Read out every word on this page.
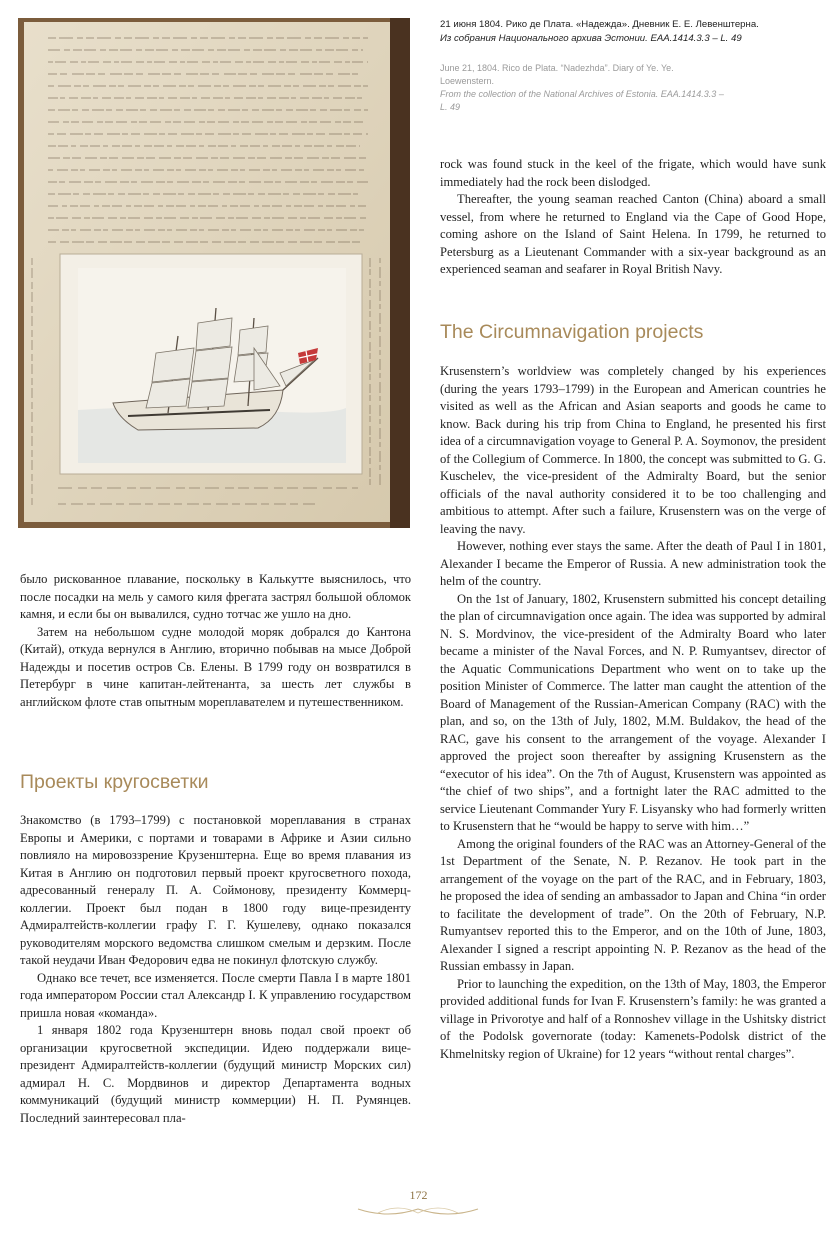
21 июня 1804. Рико де Плата. «Надежда». Дневник Е. Е. Левенштерна.
Из собрания Национального архива Эстонии. EAA.1414.3.3 – L. 49
June 21, 1804. Rico de Plata. “Nadezhda”. Diary of Ye. Ye. Loewenstern.
From the collection of the National Archives of Estonia. EAA.1414.3.3 – L. 49

rock was found stuck in the keel of the frigate, which would have sunk immediately had the rock been dislodged.

Thereafter, the young seaman reached Canton (China) aboard a small vessel, from where he returned to England via the Cape of Good Hope, coming ashore on the Island of Saint Helena. In 1799, he returned to Petersburg as a Lieutenant Commander with a six-year background as an experienced seaman and seafarer in Royal British Navy.

The Circumnavigation projects

Krusenstern’s worldview was completely changed by his experiences (during the years 1793–1799) in the European and American countries he visited as well as the African and Asian seaports and goods he came to know. Back during his trip from China to England, he presented his first idea of a circumnavigation voyage to General P. A. Soymonov, the president of the Collegium of Commerce. In 1800, the concept was submitted to G. G. Kuschelev, the vice-president of the Admiralty Board, but the senior officials of the naval authority considered it to be too challenging and ambitious to attempt. After such a failure, Krusenstern was on the verge of leaving the navy.

However, nothing ever stays the same. After the death of Paul I in 1801, Alexander I became the Emperor of Russia. A new administration took the helm of the country.

On the 1st of January, 1802, Krusenstern submitted his concept detailing the plan of circumnavigation once again. The idea was supported by admiral N. S. Mordvinov, the vice-president of the Admiralty Board who later became a minister of the Naval Forces, and N. P. Rumyantsev, director of the Aquatic Communications Department who went on to take up the position Minister of Commerce. The latter man caught the attention of the Board of Management of the Russian-American Company (RAC) with the plan, and so, on the 13th of July, 1802, M.M. Buldakov, the head of the RAC, gave his consent to the arrangement of the voyage. Alexander I approved the project soon thereafter by assigning Krusenstern as the “executor of his idea”. On the 7th of August, Krusenstern was appointed as “the chief of two ships”, and a fortnight later the RAC admitted to the service Lieutenant Commander Yury F. Lisyansky who had formerly written to Krusenstern that he “would be happy to serve with him…”

Among the original founders of the RAC was an Attorney-General of the 1st Department of the Senate, N. P. Rezanov. He took part in the arrangement of the voyage on the part of the RAC, and in February, 1803, he proposed the idea of sending an ambassador to Japan and China “in order to facilitate the development of trade”. On the 20th of February, N.P. Rumyantsev reported this to the Emperor, and on the 10th of June, 1803, Alexander I signed a rescript appointing N. P. Rezanov as the head of the Russian embassy in Japan.

Prior to launching the expedition, on the 13th of May, 1803, the Emperor provided additional funds for Ivan F. Krusenstern’s family: he was granted a village in Privorotye and half of a Ronnoshev village in the Ushitsky district of the Podolsk governorate (today: Kamenets-Podolsk district of the Khmelnitsky region of Ukraine) for 12 years “without rental charges”.

было рискованное плавание, поскольку в Калькутте выяснилось, что после посадки на мель у самого киля фрегата застрял большой обломок камня, и если бы он вывалился, судно тотчас же ушло на дно.

Затем на небольшом судне молодой моряк добрался до Кантона (Китай), откуда вернулся в Англию, вторично побывав на мысе Доброй Надежды и посетив остров Св. Елены. В 1799 году он возвратился в Петербург в чине капитан-лейтенанта, за шесть лет службы в английском флоте став опытным мореплавателем и путешественником.

Проекты кругосветки

Знакомство (в 1793–1799) с постановкой мореплавания в странах Европы и Америки, с портами и товарами в Африке и Азии сильно повлияло на мировоззрение Крузенштерна. Еще во время плавания из Китая в Англию он подготовил первый проект кругосветного похода, адресованный генералу П. А. Соймонову, президенту Коммерц-коллегии. Проект был подан в 1800 году вице-президенту Адмиралтейств-коллегии графу Г. Г. Кушелеву, однако показался руководителям морского ведомства слишком смелым и дерзким. После такой неудачи Иван Федорович едва не покинул флотскую службу.

Однако все течет, все изменяется. После смерти Павла I в марте 1801 года императором России стал Александр I. К управлению государством пришла новая «команда».

1 января 1802 года Крузенштерн вновь подал свой проект об организации кругосветной экспедиции. Идею поддержали вице-президент Адмиралтейств-коллегии (будущий министр Морских сил) адмирал Н. С. Мордвинов и директор Департамента водных коммуникаций (будущий министр коммерции) Н. П. Румянцев. Последний заинтересовал пла-

172
